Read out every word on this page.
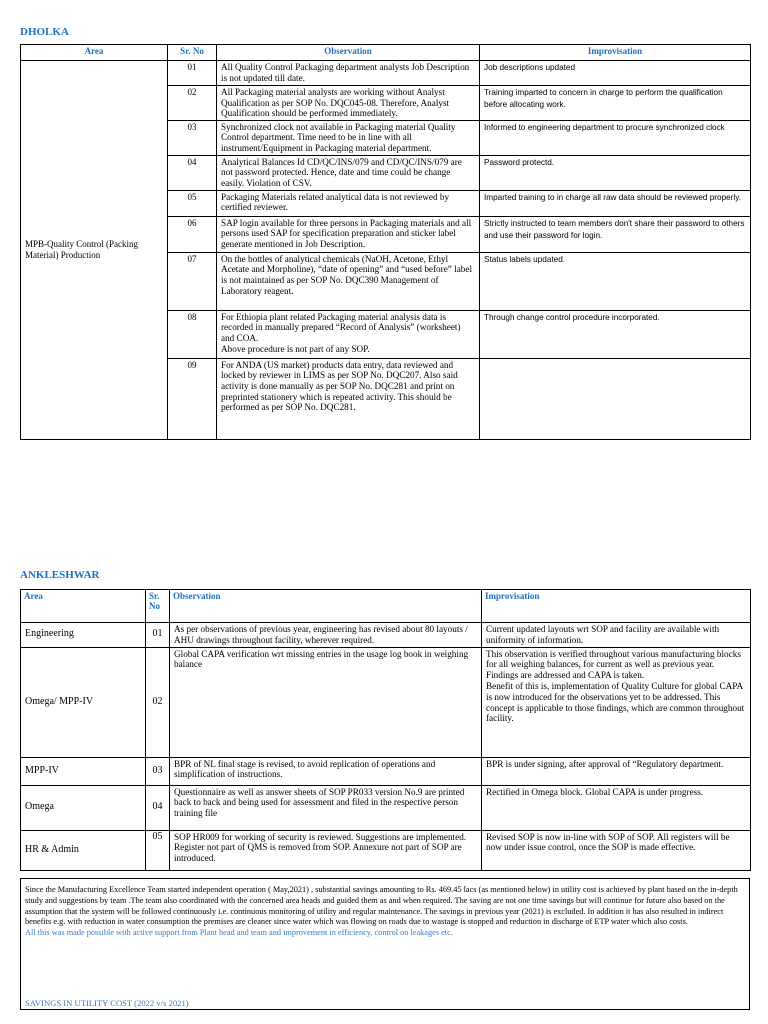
DHOLKA
Area	Sr. No	Observation	Improvisation
MPB-Quality Control (Packing Material) Production	01	All Quality Control Packaging department analysts Job Description is not updated till date.	Job descriptions updated
	02	All Packaging material analysts are working without Analyst Qualification as per SOP No. DQC045-08. Therefore, Analyst Qualification should be performed immediately.	Training imparted to concern in charge to perform the qualification before allocating work.
	03	Synchronized clock not available in Packaging material Quality Control department. Time need to be in line with all instrument/Equipment in Packaging material department.	Informed to engineering department to procure synchronized clock
	04	Analytical Balances Id CD/QC/INS/079 and CD/QC/INS/079 are not password protected. Hence, date and time could be change easily. Violation of CSV.	Password protectd.
	05	Packaging Materials related analytical data is not reviewed by certified reviewer.	Imparted training to in charge all raw data should be reviewed properly.
	06	SAP login available for three persons in Packaging materials and all persons used SAP for specification preparation and sticker label generate mentioned in Job Description.	Strictly instructed to team members don't share their password to others and use their password for login.
	07	On the bottles of analytical chemicals (NaOH, Acetone, Ethyl Acetate and Morpholine), “date of opening” and “used before” label is not maintained as per SOP No. DQC390 Management of Laboratory reagent.	Status labels updated.
	08	For Ethiopia plant related Packaging material analysis data is recorded in manually prepared “Record of Analysis” (worksheet) and COA.
Above procedure is not part of any SOP.	Through change control procedure incorporated.
	09	For ANDA (US market) products data entry, data reviewed and locked by reviewer in LIMS as per SOP No. DQC207. Also said activity is done manually as per SOP No. DQC281 and print on preprinted stationery which is repeated activity. This should be performed as per SOP No. DQC281.	
ANKLESHWAR
Area	Sr. No	Observation	Improvisation
Engineering	01	As per observations of previous year, engineering has revised about 80 layouts / AHU drawings throughout facility, wherever required.	Current updated layouts wrt SOP and facility are available with uniformity of information.
Omega/ MPP-IV	02	Global CAPA verification wrt missing entries in the usage log book in weighing balance	This observation is verified throughout various manufacturing blocks for all weighing balances, for current as well as previous year. Findings are addressed and CAPA is taken.
Benefit of this is, implementation of Quality Culture for global CAPA is now introduced for the observations yet to be addressed. This concept is applicable to those findings, which are common throughout facility.

MPP-IV	03	BPR of NL final stage is revised, to avoid replication of operations and simplification of instructions.	BPR is under signing, after approval of “Regulatory department.
Omega	04	Questionnaire as well as answer sheets of SOP PR033 version No.9 are printed back to back and being used for assessment and filed in the respective person training file	Rectified in Omega block. Global CAPA is under progress.
HR & Admin	05	SOP HR009 for working of security is reviewed. Suggestions are implemented. Register not part of QMS is removed from SOP. Annexure not part of SOP are introduced.	Revised SOP is now in-line with SOP of SOP. All registers will be now under issue control, once the SOP is made effective.
Since the Manufacturing Excellence Team started independent operation ( May,2021) , substantial savings amounting to Rs. 469.45 lacs (as mentioned below) in utility cost is achieved by plant based on the in-depth study and suggestions by team .The team also coordinated with the concerned area heads and guided them as and when required. The saving are not one time savings but will continue for future also based on the assumption that the system will be followed continuously i.e. continuous monitoring of utility and regular maintenance. The savings in previous year (2021) is excluded. In addition it has also resulted in indirect benefits e.g. with reduction in water consumption the premises are cleaner since water which was flowing on roads due to wastage is stopped and reduction in discharge of ETP water which also costs.
All this was made possible with active support from Plant head and team and improvement in efficiency, control on leakages etc.
SAVINGS IN UTILITY COST (2022 v/s 2021)
